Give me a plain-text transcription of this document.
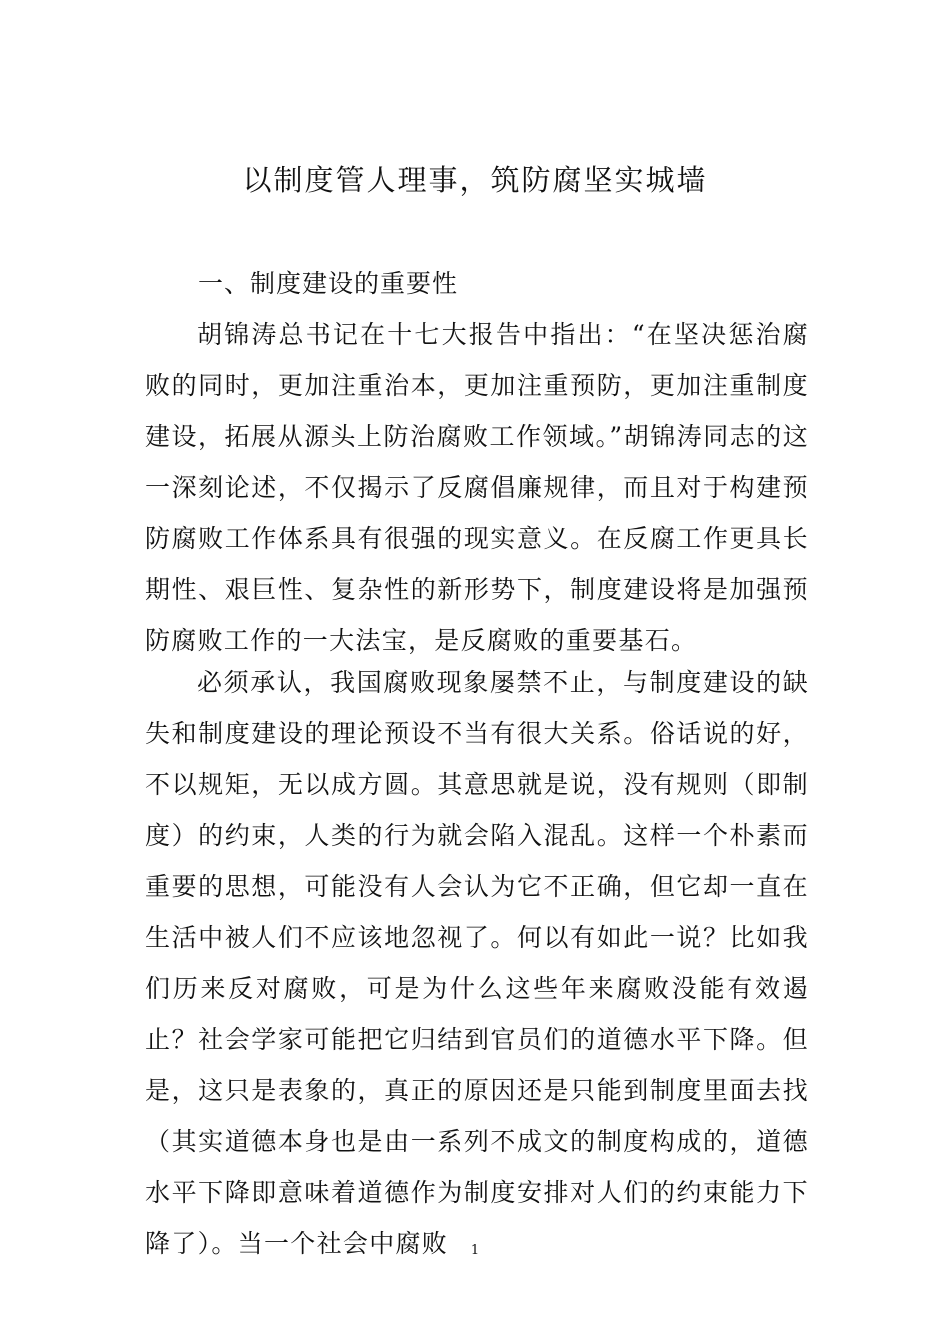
以制度管人理事，筑防腐坚实城墙
一、制度建设的重要性

胡锦涛总书记在十七大报告中指出：“在坚决惩治腐败的同时，更加注重治本，更加注重预防，更加注重制度建设，拓展从源头上防治腐败工作领域。”胡锦涛同志的这一深刻论述，不仅揭示了反腐倡廉规律，而且对于构建预防腐败工作体系具有很强的现实意义。在反腐工作更具长期性、艰巨性、复杂性的新形势下，制度建设将是加强预防腐败工作的一大法宝，是反腐败的重要基石。

必须承认，我国腐败现象屡禁不止，与制度建设的缺失和制度建设的理论预设不当有很大关系。俗话说的好，不以规矩，无以成方圆。其意思就是说，没有规则（即制度）的约束，人类的行为就会陷入混乱。这样一个朴素而重要的思想，可能没有人会认为它不正确，但它却一直在生活中被人们不应该地忽视了。何以有如此一说？比如我们历来反对腐败，可是为什么这些年来腐败没能有效遏止？社会学家可能把它归结到官员们的道德水平下降。但是，这只是表象的，真正的原因还是只能到制度里面去找（其实道德本身也是由一系列不成文的制度构成的，道德水平下降即意味着道德作为制度安排对人们的约束能力下降了）。当一个社会中腐败	1
